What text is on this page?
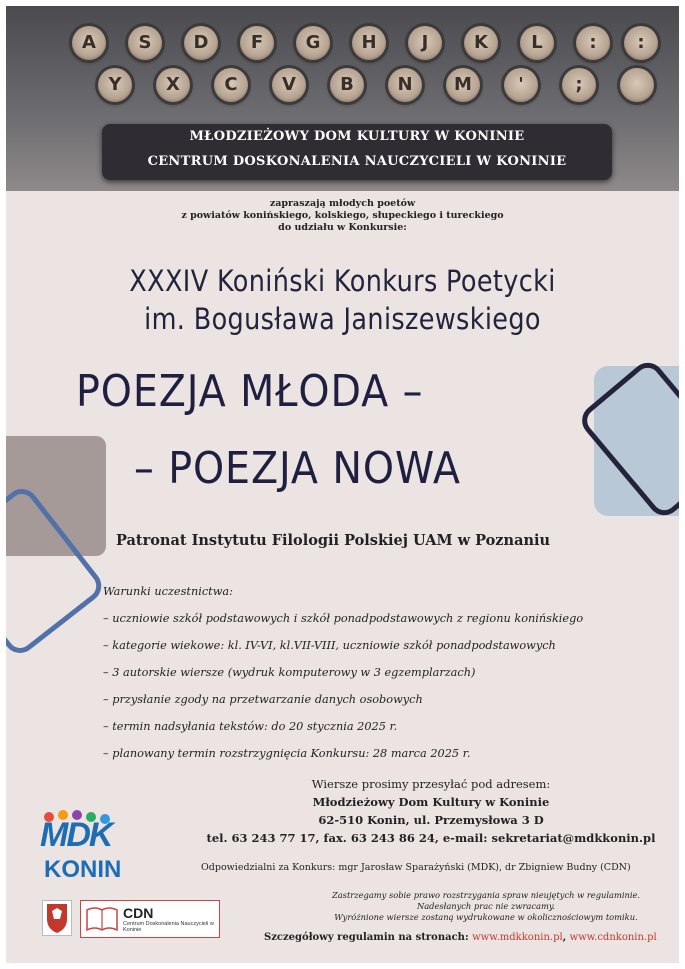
A	S	D	F	G	H	J	K	L	:	:
Y	X	C	V	B	N	M	'	;
MŁODZIEŻOWY DOM KULTURY W KONINIE
CENTRUM DOSKONALENIA NAUCZYCIELI W KONINIE
zapraszają młodych poetów
z powiatów konińskiego, kolskiego, słupeckiego i tureckiego
do udziału w Konkursie:
XXXIV Koniński Konkurs Poetycki
im. Bogusława Janiszewskiego
POEZJA MŁODA –
– POEZJA NOWA
Patronat Instytutu Filologii Polskiej UAM w Poznaniu
Warunki uczestnictwa:
– uczniowie szkół podstawowych i szkół ponadpodstawowych z regionu konińskiego
– kategorie wiekowe: kl. IV-VI, kl.VII-VIII, uczniowie szkół ponadpodstawowych
– 3 autorskie wiersze (wydruk komputerowy w 3 egzemplarzach)
– przysłanie zgody na przetwarzanie danych osobowych
– termin nadsyłania tekstów: do 20 stycznia 2025 r.
– planowany termin rozstrzygnięcia Konkursu: 28 marca 2025 r.
Wiersze prosimy przesyłać pod adresem:
Młodzieżowy Dom Kultury w Koninie
62-510 Konin, ul. Przemysłowa 3 D
tel. 63 243 77 17, fax. 63 243 86 24, e-mail: sekretariat@mdkkonin.pl
Odpowiedzialni za Konkurs: mgr Jarosław Sparażyński (MDK), dr Zbigniew Budny (CDN)
Zastrzegamy sobie prawo rozstrzygania spraw nieujętych w regulaminie.
Nadesłanych prac nie zwracamy.
Wyróżnione wiersze zostaną wydrukowane w okolicznościowym tomiku.
Szczegółowy regulamin na stronach: www.mdkkonin.pl, www.cdnkonin.pl
MDK
KONIN
CDN
Centrum Doskonalenia Nauczycieli w Koninie
